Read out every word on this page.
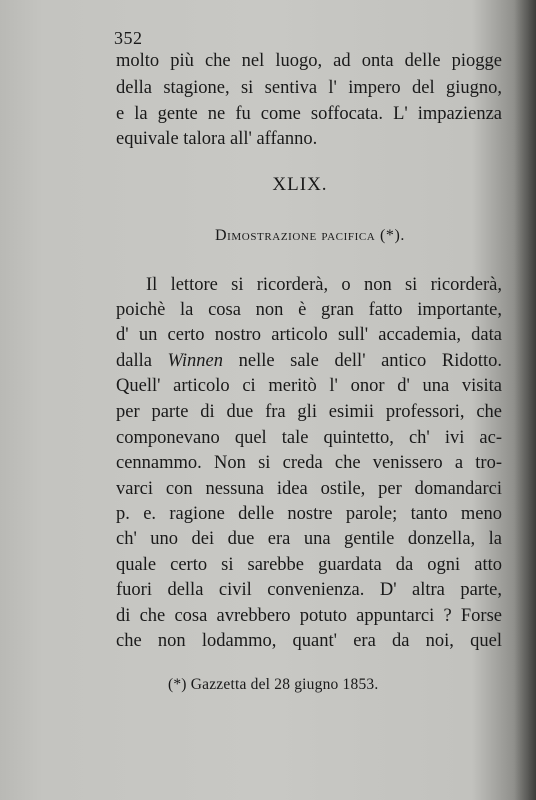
352
molto più che nel luogo, ad onta delle piogge
della stagione, si sentiva l' impero del giugno,
e la gente ne fu come soffocata. L' impazienza
equivale talora all' affanno.
XLIX.
Dimostrazione pacifica (*).
Il lettore si ricorderà, o non si ricorderà,
poichè la cosa non è gran fatto importante,
d' un certo nostro articolo sull' accademia, data
dalla Winnen nelle sale dell' antico Ridotto.
Quell' articolo ci meritò l' onor d' una visita
per parte di due fra gli esimii professori, che
componevano quel tale quintetto, ch' ivi ac-
cennammo. Non si creda che venissero a tro-
varci con nessuna idea ostile, per domandarci
p. e. ragione delle nostre parole; tanto meno
ch' uno dei due era una gentile donzella, la
quale certo si sarebbe guardata da ogni atto
fuori della civil convenienza. D' altra parte,
di che cosa avrebbero potuto appuntarci ? Forse
che non lodammo, quant' era da noi, quel
(*) Gazzetta del 28 giugno 1853.
